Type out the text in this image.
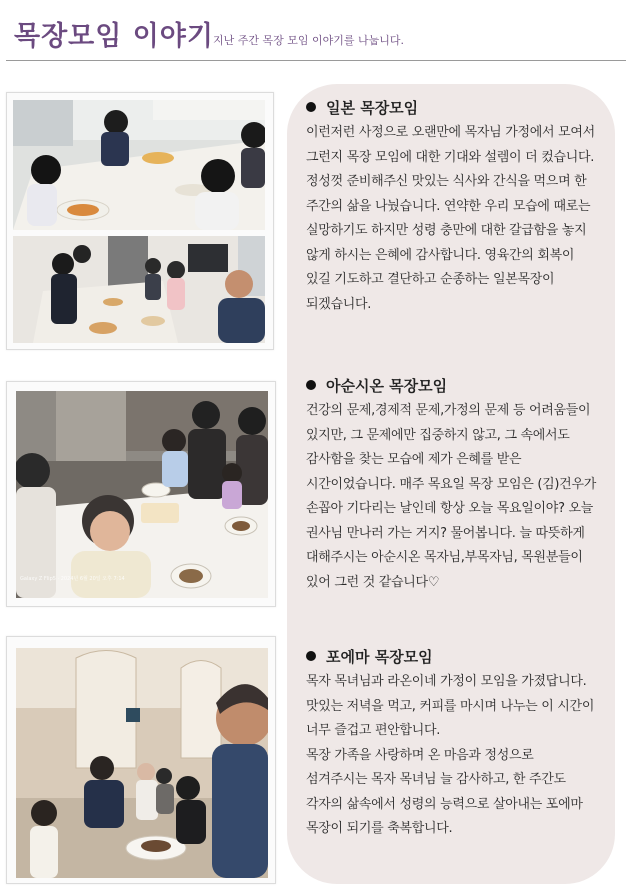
목장모임 이야기 지난 주간 목장 모임 이야기를 나눕니다.
일본 목장모임

이런저런 사정으로 오랜만에 목자님 가정에서 모여서 그런지 목장 모임에 대한 기대와 설렘이 더 컸습니다. 정성껏 준비해주신 맛있는 식사와 간식을 먹으며 한 주간의 삶을 나눴습니다. 연약한 우리 모습에 때로는 실망하기도 하지만 성령 충만에 대한 갈급함을 놓지 않게 하시는 은혜에 감사합니다. 영육간의 회복이 있길 기도하고 결단하고 순종하는 일본목장이 되겠습니다.

아순시온 목장모임

건강의 문제,경제적 문제,가정의 문제 등 어려움들이 있지만, 그 문제에만 집중하지 않고, 그 속에서도 감사함을 찾는 모습에 제가 은혜를 받은 시간이었습니다. 매주 목요일 목장 모임은 (김)건우가 손꼽아 기다리는 날인데 항상 오늘 목요일이야? 오늘 권사님 만나러 가는 거지? 물어봅니다. 늘 따뜻하게 대해주시는 아순시온 목자님,부목자님, 목원분들이 있어 그런 것 같습니다♡

포에마 목장모임

목자 목녀님과 라온이네 가정이 모임을 가졌답니다.

맛있는 저녁을 먹고, 커피를 마시며 나누는 이 시간이 너무 즐겁고 편안합니다.

목장 가족을 사랑하며 온 마음과 정성으로 섬겨주시는 목자 목녀님 늘 감사하고, 한 주간도 각자의 삶속에서 성령의 능력으로 살아내는 포에마 목장이 되기를 축복합니다.

Galaxy Z Flip5 · 2024년 6월 20일 오후 7:14
